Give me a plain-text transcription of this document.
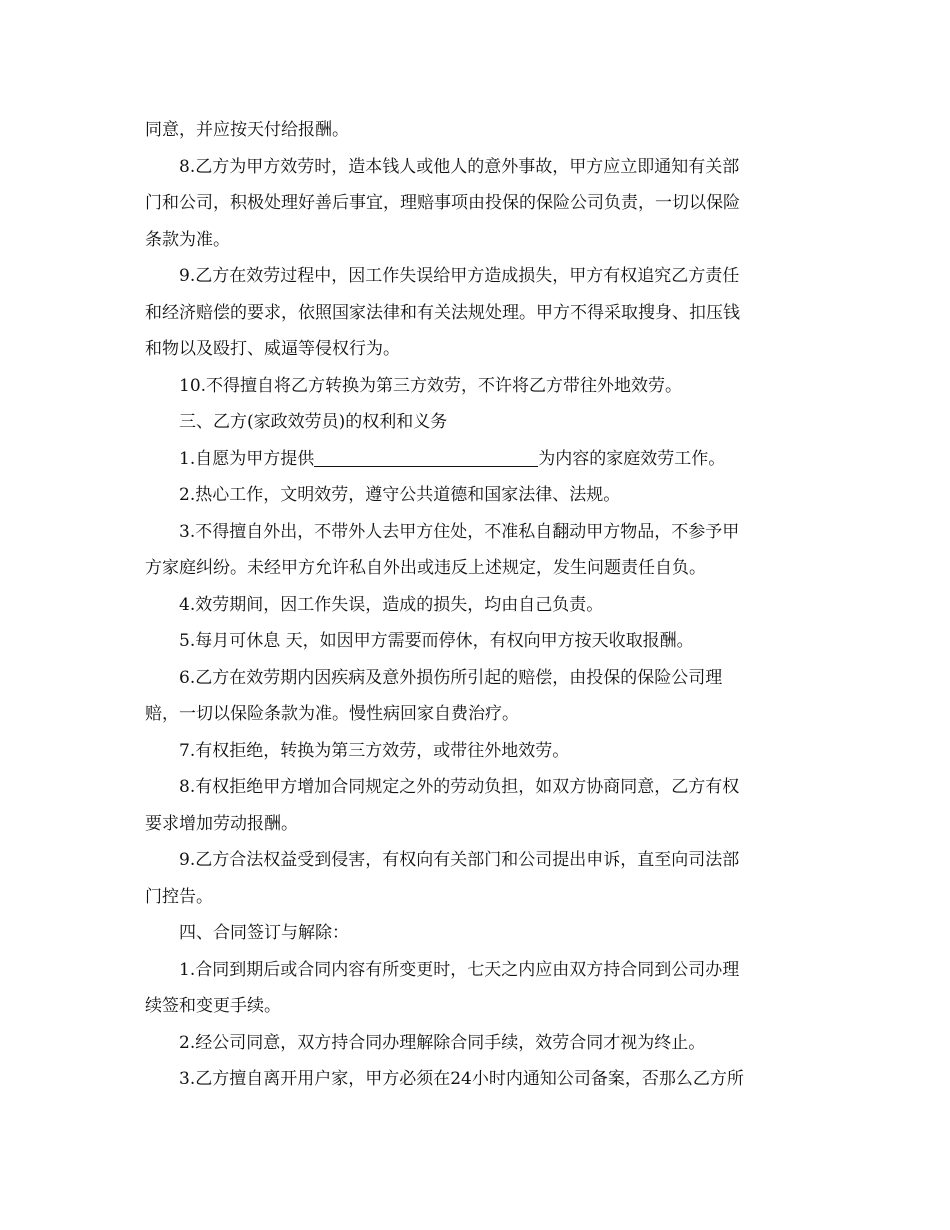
同意，并应按天付给报酬。

8.乙方为甲方效劳时，造本钱人或他人的意外事故，甲方应立即通知有关部
门和公司，积极处理好善后事宜，理赔事项由投保的保险公司负责，一切以保险
条款为准。

9.乙方在效劳过程中，因工作失误给甲方造成损失，甲方有权追究乙方责任
和经济赔偿的要求，依照国家法律和有关法规处理。甲方不得采取搜身、扣压钱
和物以及殴打、威逼等侵权行为。

10.不得擅自将乙方转换为第三方效劳，不许将乙方带往外地效劳。

三、乙方(家政效劳员)的权利和义务

1.自愿为甲方提供	为内容的家庭效劳工作。

2.热心工作，文明效劳，遵守公共道德和国家法律、法规。

3.不得擅自外出，不带外人去甲方住处，不准私自翻动甲方物品，不参予甲
方家庭纠纷。未经甲方允许私自外出或违反上述规定，发生问题责任自负。

4.效劳期间，因工作失误，造成的损失，均由自己负责。

5.每月可休息 天，如因甲方需要而停休，有权向甲方按天收取报酬。

6.乙方在效劳期内因疾病及意外损伤所引起的赔偿，由投保的保险公司理
赔，一切以保险条款为准。慢性病回家自费治疗。

7.有权拒绝，转换为第三方效劳，或带往外地效劳。

8.有权拒绝甲方增加合同规定之外的劳动负担，如双方协商同意，乙方有权
要求增加劳动报酬。

9.乙方合法权益受到侵害，有权向有关部门和公司提出申诉，直至向司法部
门控告。

四、合同签订与解除：

1.合同到期后或合同内容有所变更时，七天之内应由双方持合同到公司办理
续签和变更手续。

2.经公司同意，双方持合同办理解除合同手续，效劳合同才视为终止。

3.乙方擅自离开用户家，甲方必须在24小时内通知公司备案，否那么乙方所
